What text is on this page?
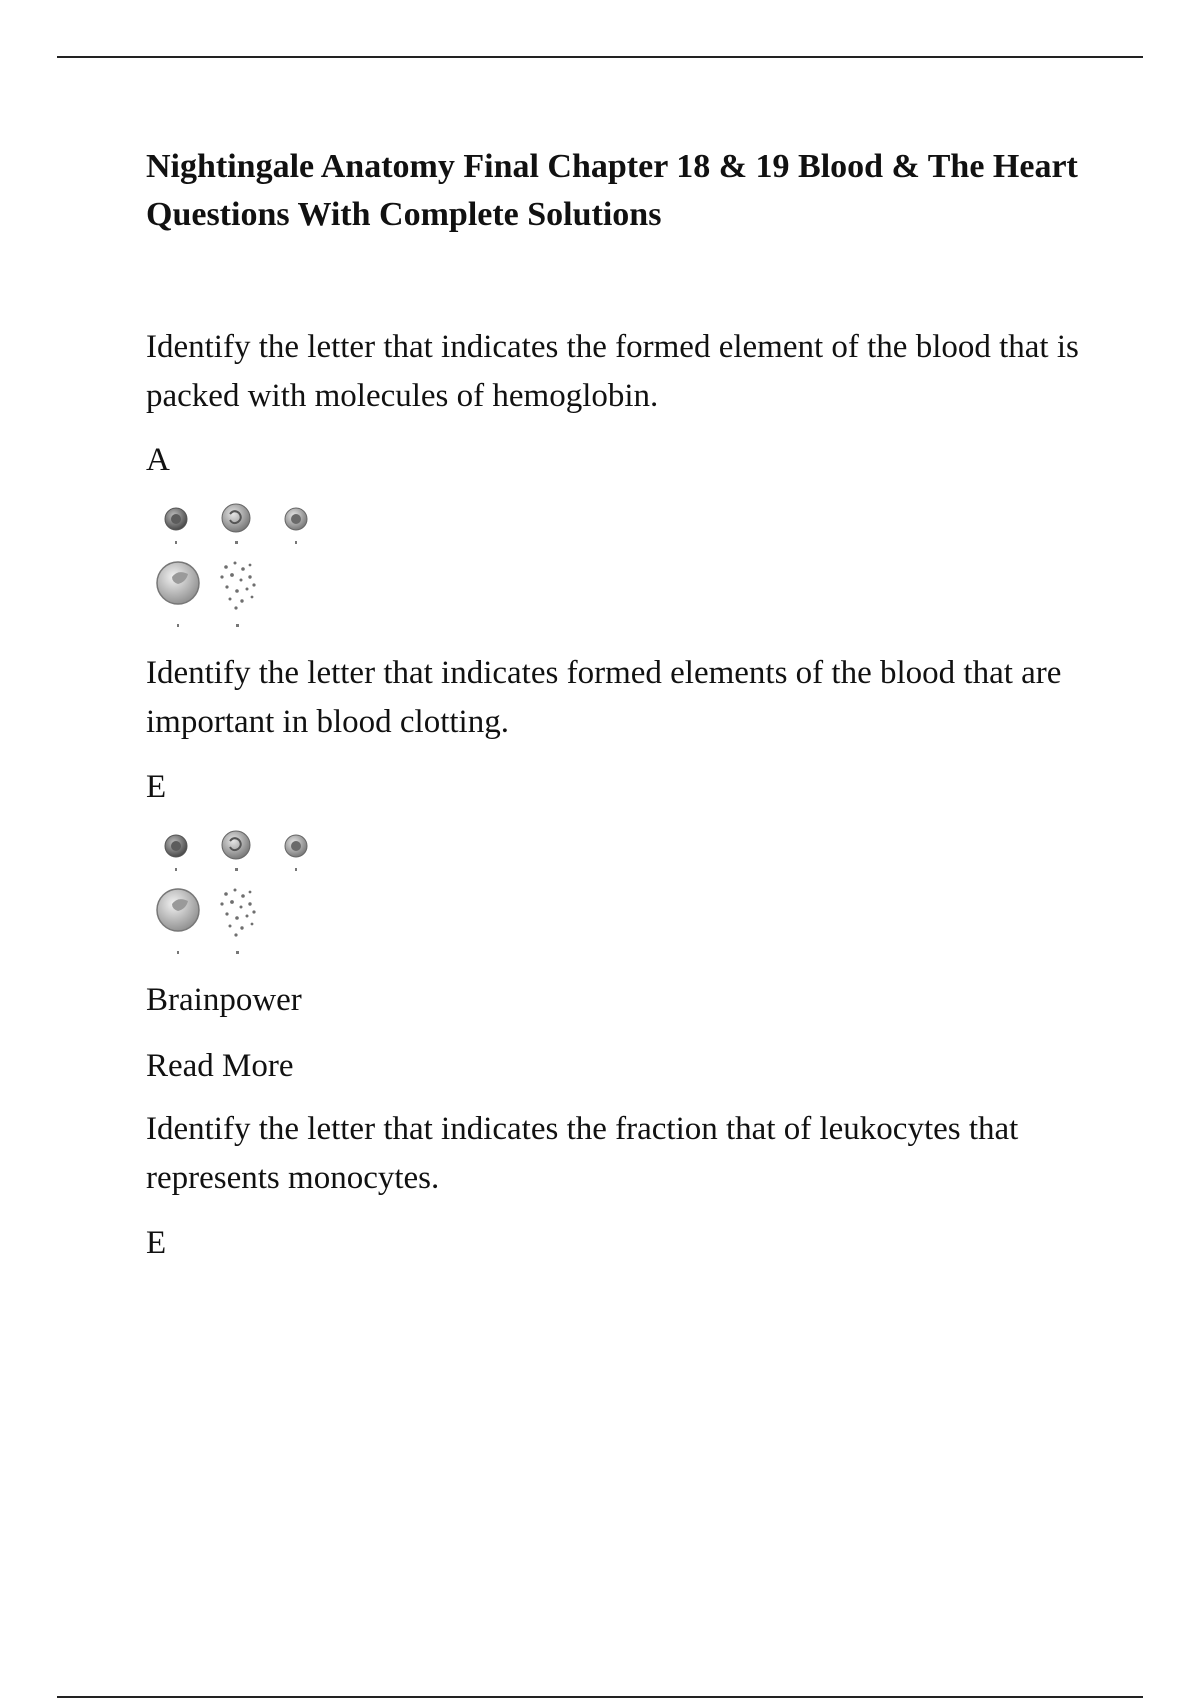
Nightingale Anatomy Final Chapter 18 & 19 Blood & The Heart Questions With Complete Solutions

Identify the letter that indicates the formed element of the blood that is packed with molecules of hemoglobin.

A

Identify the letter that indicates formed elements of the blood that are important in blood clotting.

E

Brainpower

Read More

Identify the letter that indicates the fraction that of leukocytes that represents monocytes.

E
